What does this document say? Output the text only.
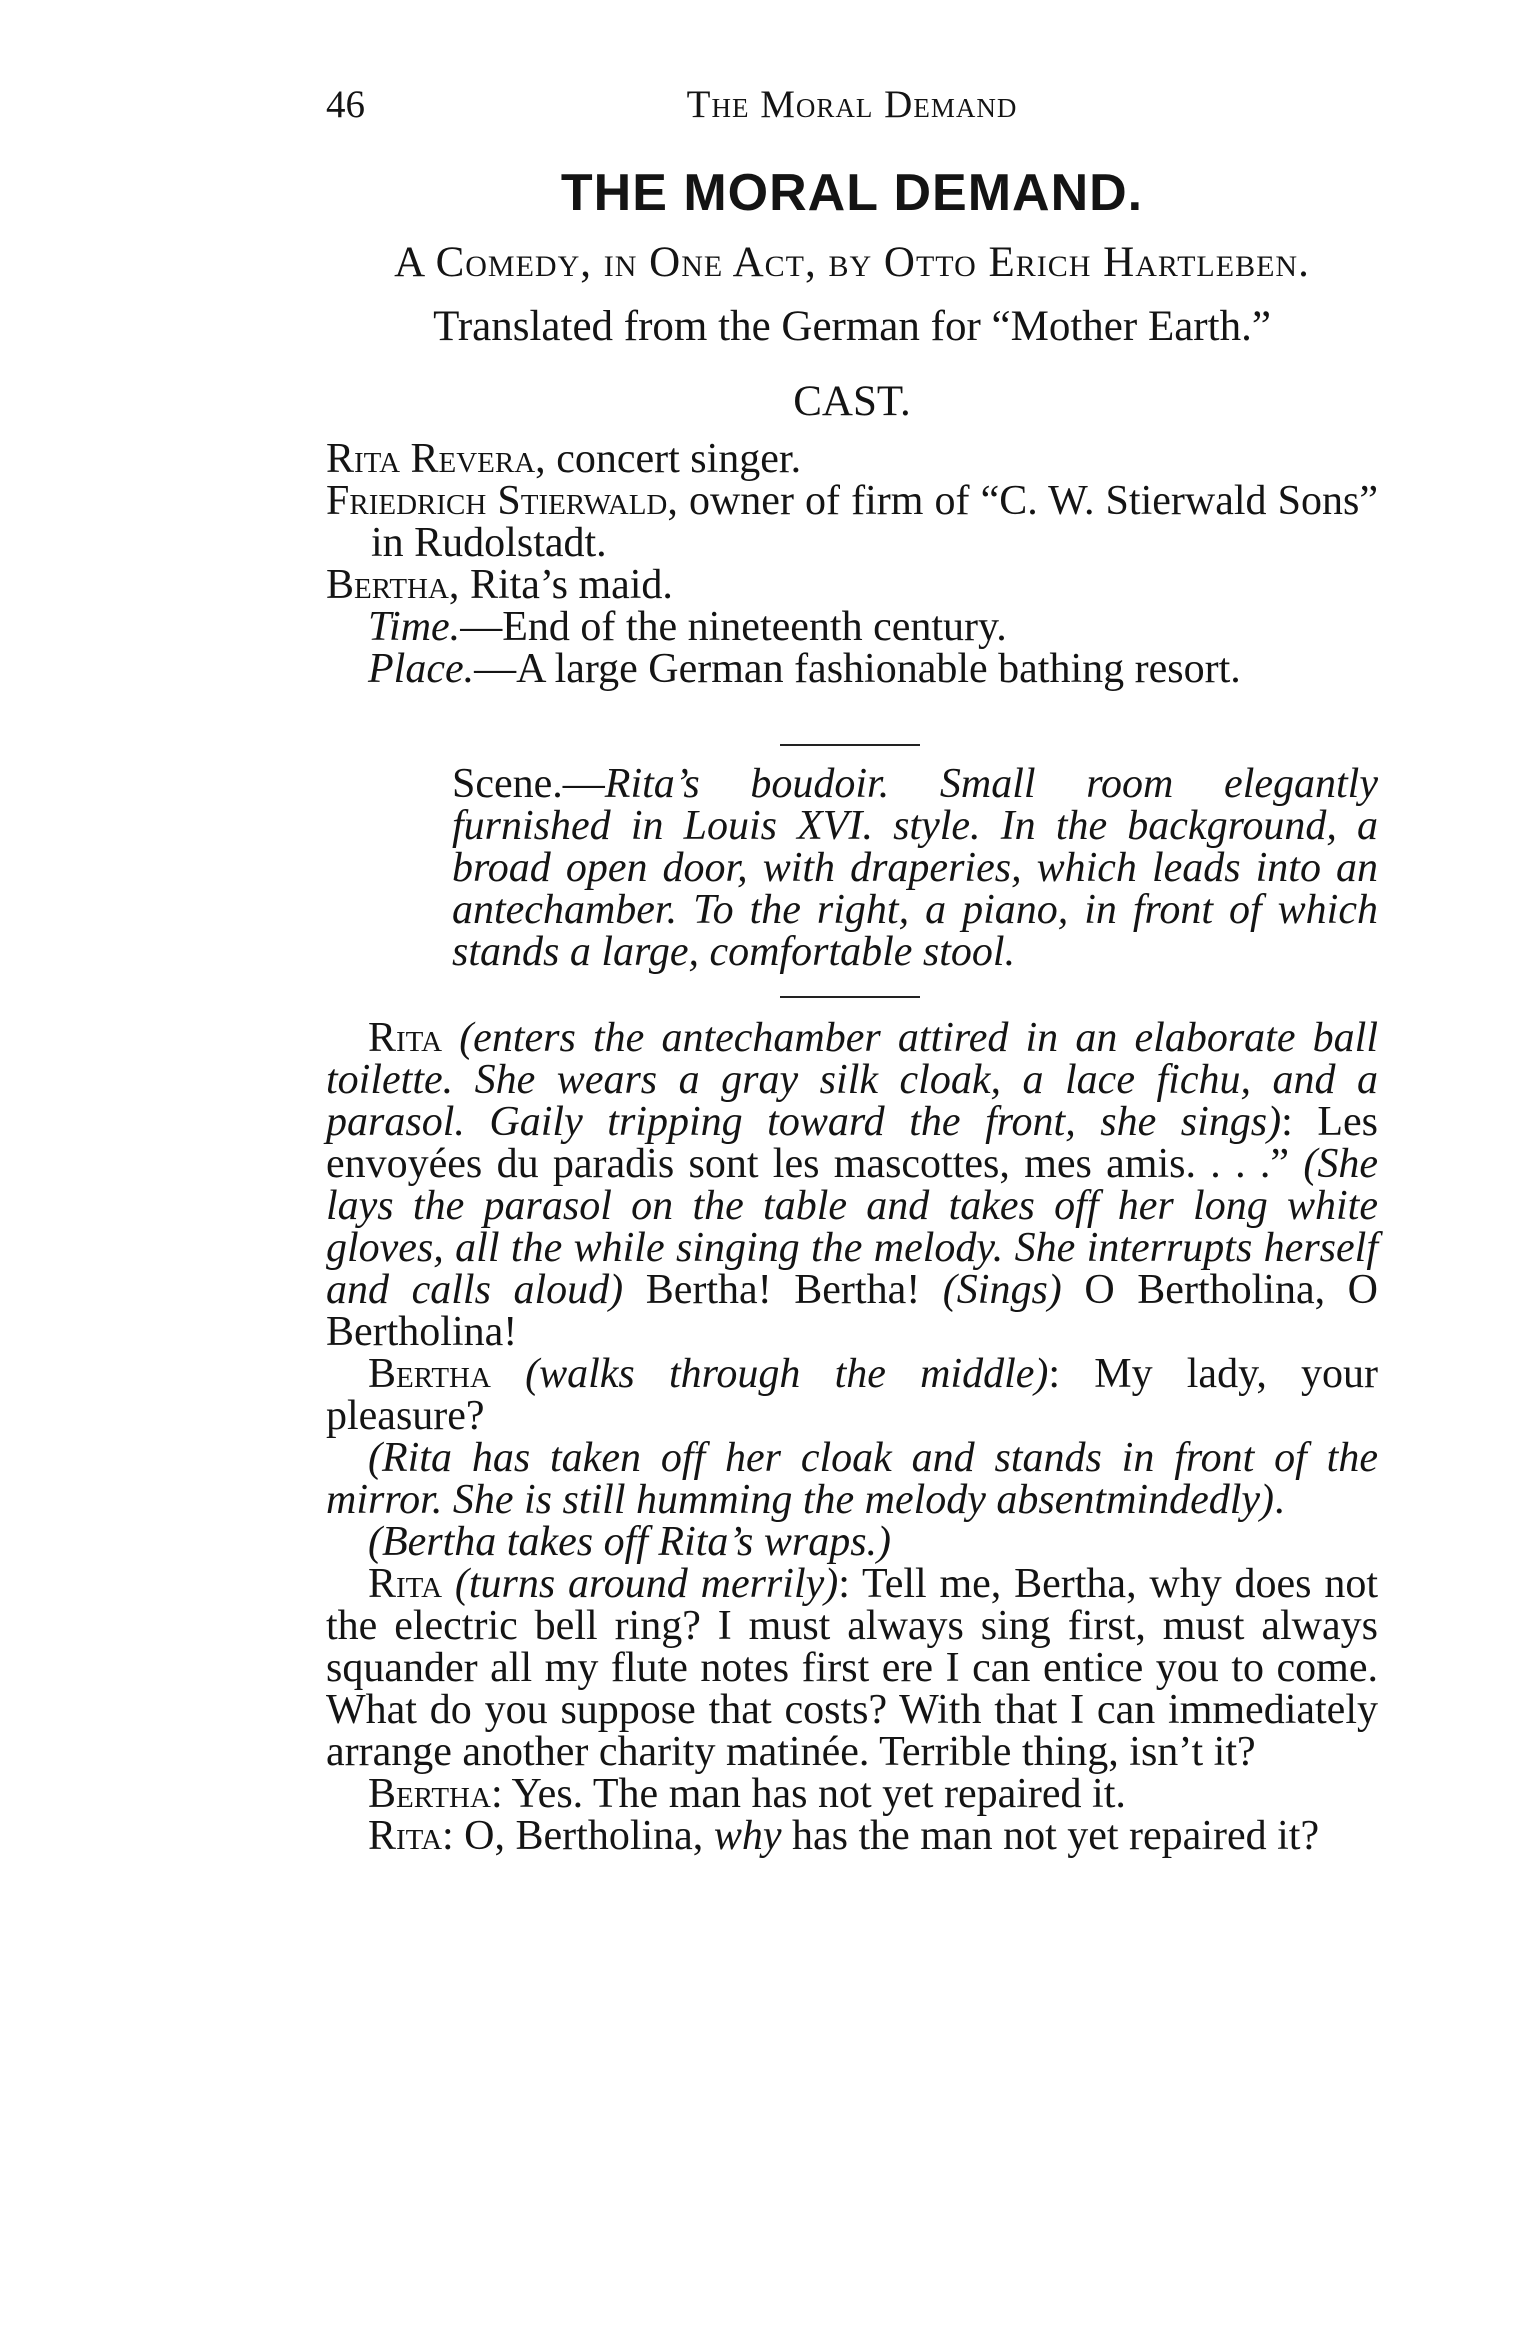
46	The Moral Demand
THE MORAL DEMAND.
A Comedy, in One Act, by Otto Erich Hartleben.
Translated from the German for “Mother Earth.”
CAST.
Rita Revera, concert singer.
Friedrich Stierwald, owner of firm of “C. W. Stierwald Sons” in Rudolstadt.
Bertha, Rita’s maid.
Time.—End of the nineteenth century.
Place.—A large German fashionable bathing resort.
Scene.—Rita’s boudoir. Small room elegantly furnished in Louis XVI. style. In the background, a broad open door, with draperies, which leads into an antechamber. To the right, a piano, in front of which stands a large, comfortable stool.

Rita (enters the antechamber attired in an elaborate ball toilette. She wears a gray silk cloak, a lace fichu, and a parasol. Gaily tripping toward the front, she sings): Les envoyées du paradis sont les mascottes, mes amis. . . .” (She lays the parasol on the table and takes off her long white gloves, all the while singing the melody. She interrupts herself and calls aloud) Bertha! Bertha! (Sings) O Bertholina, O Bertholina!

Bertha (walks through the middle): My lady, your pleasure?

(Rita has taken off her cloak and stands in front of the mirror. She is still humming the melody absentmindedly).

(Bertha takes off Rita’s wraps.)

Rita (turns around merrily): Tell me, Bertha, why does not the electric bell ring? I must always sing first, must always squander all my flute notes first ere I can entice you to come. What do you suppose that costs? With that I can immediately arrange another charity matinée. Terrible thing, isn’t it?

Bertha: Yes. The man has not yet repaired it.

Rita: O, Bertholina, why has the man not yet repaired it?
